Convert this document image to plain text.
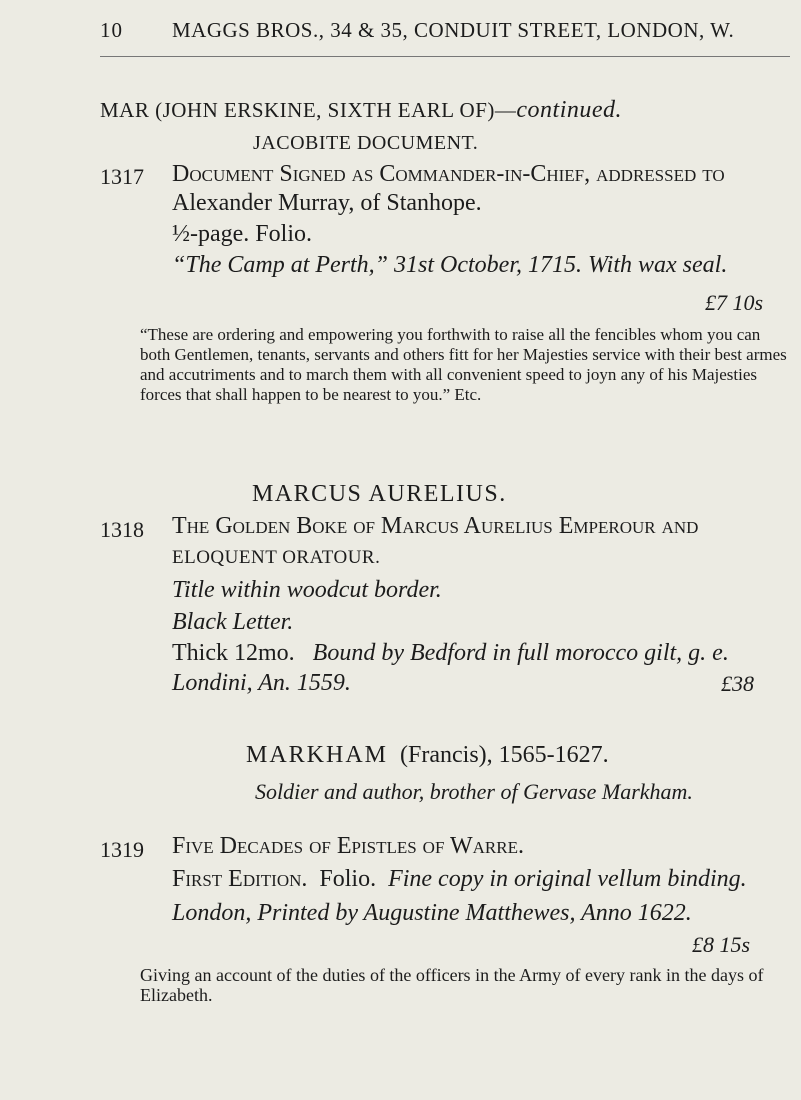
10 MAGGS BROS., 34 & 35, CONDUIT STREET, LONDON, W.
MAR (JOHN ERSKINE, SIXTH EARL OF)—continued.
JACOBITE DOCUMENT.
1317 Document Signed as Commander-in-Chief, addressed to
Alexander Murray, of Stanhope.
½-page. Folio.
“The Camp at Perth,” 31st October, 1715. With wax seal.
£7 10s
“These are ordering and empowering you forthwith to raise all the fencibles whom you can both Gentlemen, tenants, servants and others fitt for her Majesties service with their best armes and accutriments and to march them with all convenient speed to joyn any of his Majesties forces that shall happen to be nearest to you.” Etc.
MARCUS AURELIUS.
1318 The Golden Boke of Marcus Aurelius Emperour and
ELOQUENT ORATOUR.
Title within woodcut border.
Black Letter.
Thick 12mo. Bound by Bedford in full morocco gilt, g. e.
Londini, An. 1559.	£38
MARKHAM (Francis), 1565-1627.
Soldier and author, brother of Gervase Markham.
1319 Five Decades of Epistles of Warre.
First Edition. Folio. Fine copy in original vellum binding.
London, Printed by Augustine Matthewes, Anno 1622.
£8 15s
Giving an account of the duties of the officers in the Army of every rank in the days of Elizabeth.
